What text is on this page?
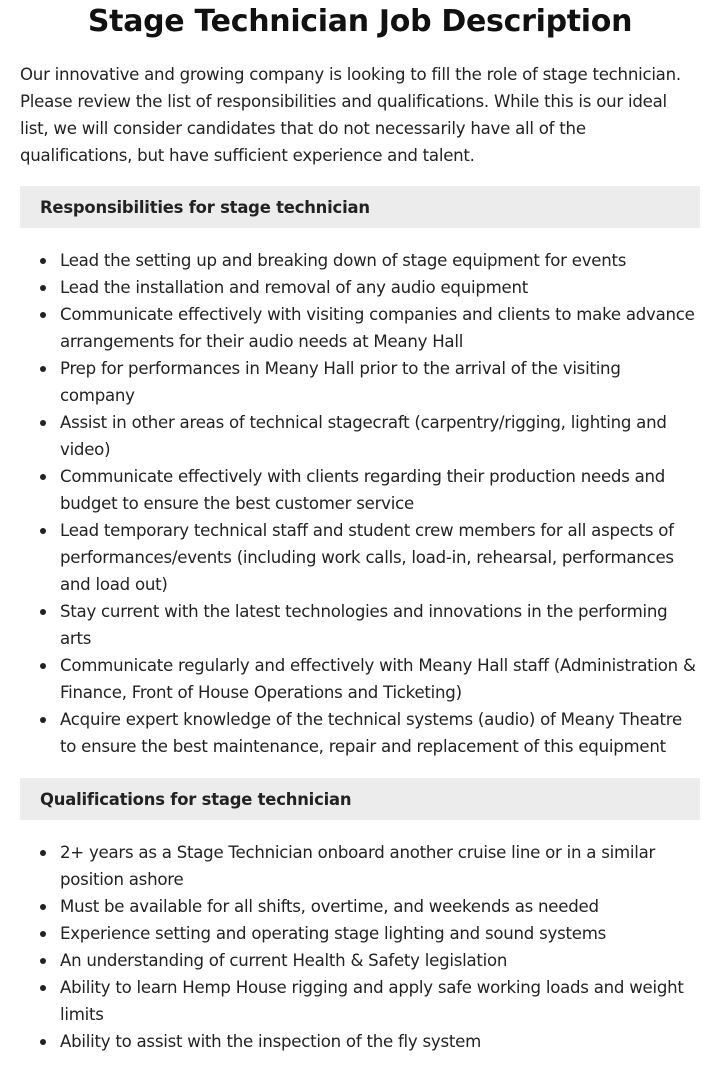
Stage Technician Job Description

Our innovative and growing company is looking to fill the role of stage technician. Please review the list of responsibilities and qualifications. While this is our ideal list, we will consider candidates that do not necessarily have all of the qualifications, but have sufficient experience and talent.

Responsibilities for stage technician
Lead the setting up and breaking down of stage equipment for events
Lead the installation and removal of any audio equipment
Communicate effectively with visiting companies and clients to make advance arrangements for their audio needs at Meany Hall
Prep for performances in Meany Hall prior to the arrival of the visiting company
Assist in other areas of technical stagecraft (carpentry/rigging, lighting and video)
Communicate effectively with clients regarding their production needs and budget to ensure the best customer service
Lead temporary technical staff and student crew members for all aspects of performances/events (including work calls, load-in, rehearsal, performances and load out)
Stay current with the latest technologies and innovations in the performing arts
Communicate regularly and effectively with Meany Hall staff (Administration & Finance, Front of House Operations and Ticketing)
Acquire expert knowledge of the technical systems (audio) of Meany Theatre to ensure the best maintenance, repair and replacement of this equipment
Qualifications for stage technician
2+ years as a Stage Technician onboard another cruise line or in a similar position ashore
Must be available for all shifts, overtime, and weekends as needed
Experience setting and operating stage lighting and sound systems
An understanding of current Health & Safety legislation
Ability to learn Hemp House rigging and apply safe working loads and weight limits
Ability to assist with the inspection of the fly system
